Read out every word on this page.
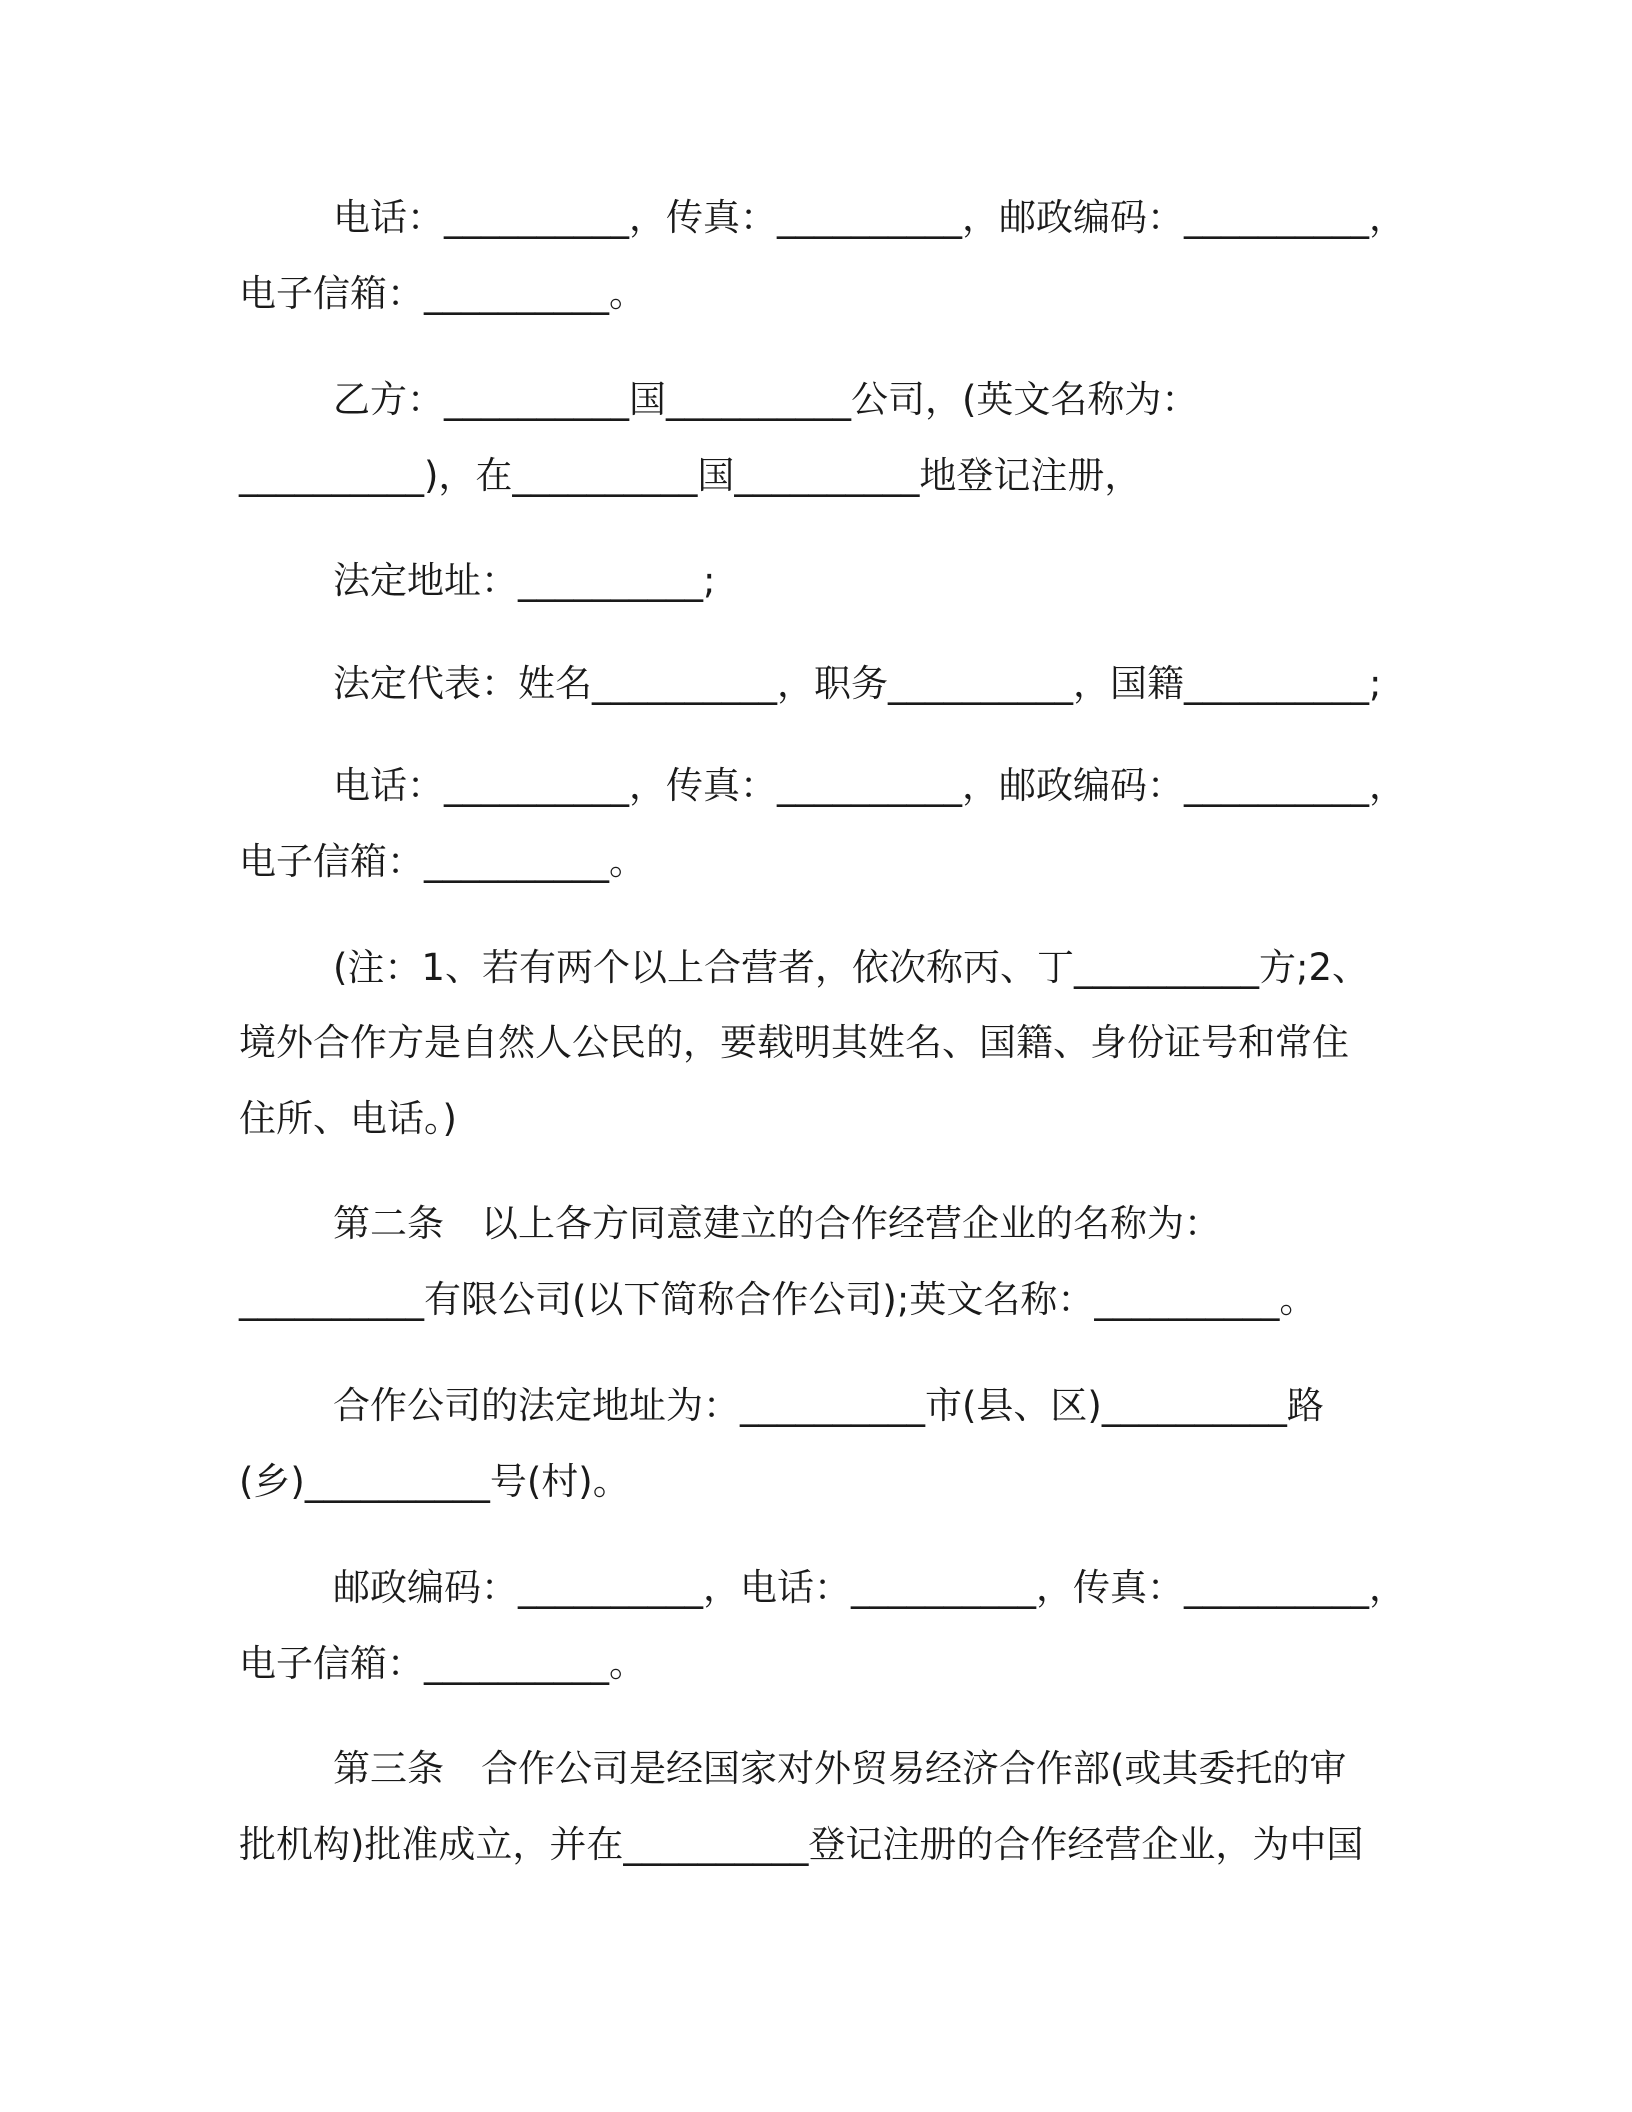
电话：__________，传真：__________，邮政编码：__________，
电子信箱：__________。
乙方：__________国__________公司，(英文名称为：
__________)，在__________国__________地登记注册，
法定地址：__________;
法定代表：姓名__________，职务__________，国籍__________;
电话：__________，传真：__________，邮政编码：__________，
电子信箱：__________。
(注：1、若有两个以上合营者，依次称丙、丁__________方;2、
境外合作方是自然人公民的，要载明其姓名、国籍、身份证号和常住
住所、电话。)
第二条　以上各方同意建立的合作经营企业的名称为：
__________有限公司(以下简称合作公司);英文名称：__________。
合作公司的法定地址为：__________市(县、区)__________路
(乡)__________号(村)。
邮政编码：__________，电话：__________，传真：__________，
电子信箱：__________。
第三条　合作公司是经国家对外贸易经济合作部(或其委托的审
批机构)批准成立，并在__________登记注册的合作经营企业，为中国
